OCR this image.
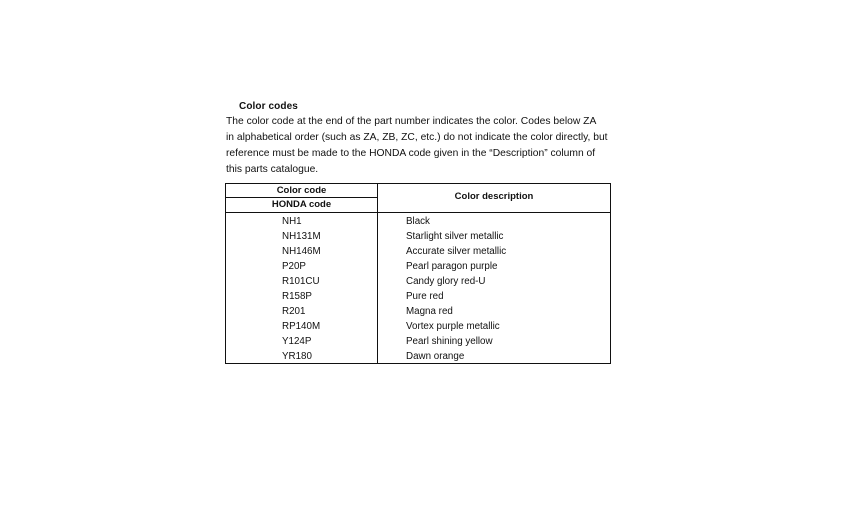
Color codes
The color code at the end of the part number indicates the color. Codes below ZA
in alphabetical order (such as ZA, ZB, ZC, etc.) do not indicate the color directly, but
reference must be made to the HONDA code given in the “Description” column of
this parts catalogue.
Color code
HONDA code
Color description
NH1	Black
NH131M	Starlight silver metallic
NH146M	Accurate silver metallic
P20P	Pearl paragon purple
R101CU	Candy glory red-U
R158P	Pure red
R201	Magna red
RP140M	Vortex purple metallic
Y124P	Pearl shining yellow
YR180	Dawn orange
